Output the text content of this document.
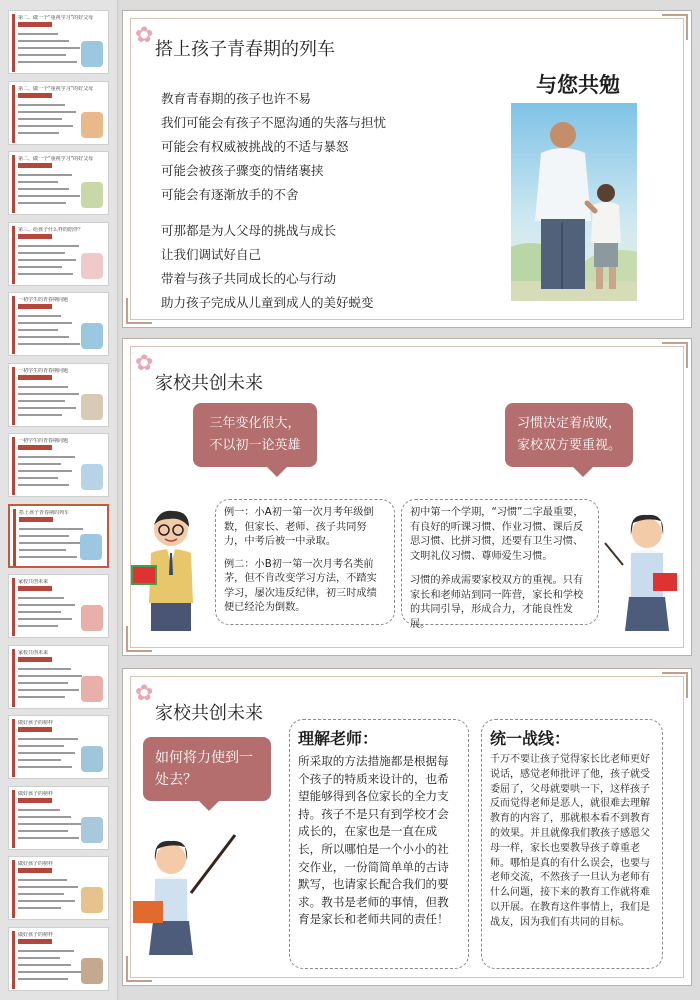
第二、做一个“重视学习”的好父母
第二、做一个“重视学习”的好父母
第二、做一个“重视学习”的好父母
第三、给孩子什么样的陪伴？
一初学生的青春期问题
一初学生的青春期问题
一初学生的青春期问题
搭上孩子青春期的列车
家校共创未来
家校共创未来
做好孩子的榜样
做好孩子的榜样
做好孩子的榜样
做好孩子的榜样
✿
搭上孩子青春期的列车
教育青春期的孩子也许不易
我们可能会有孩子不愿沟通的失落与担忧
可能会有权威被挑战的不适与暴怒
可能会被孩子骤变的情绪裹挟
可能会有逐渐放手的不舍
可那都是为人父母的挑战与成长
让我们调试好自己
带着与孩子共同成长的心与行动
助力孩子完成从儿童到成人的美好蜕变
与您共勉
✿
家校共创未来
三年变化很大，
不以初一论英雄
习惯决定着成败，
家校双方要重视。

例一：小A初一第一次月考年级倒数，但家长、老师、孩子共同努力，中考后被一中录取。

例二：小B初一第一次月考名类前茅，但不肯改变学习方法，不踏实学习，屡次违反纪律，初三时成绩便已经沦为倒数。

初中第一个学期，“习惯”二字最重要，有良好的听课习惯、作业习惯、课后反思习惯、比拼习惯，还要有卫生习惯、文明礼仪习惯、尊师爱生习惯。

习惯的养成需要家校双方的重视。只有家长和老师站到同一阵营，家长和学校的共同引导，形成合力，才能良性发展。

✿
家校共创未来
如何将力使到一处去？
理解老师：

所采取的方法措施都是根据每个孩子的特质来设计的，也希望能够得到各位家长的全力支持。孩子不是只有到学校才会成长的，在家也是一直在成长，所以哪怕是一个小小的社交作业，一份简简单单的古诗默写，也请家长配合我们的要求。教书是老师的事情，但教育是家长和老师共同的责任！

统一战线：

千万不要让孩子觉得家长比老师更好说话，感觉老师批评了他，孩子就受委屈了，父母就要哄一下，这样孩子反而觉得老师是恶人，就很难去理解教育的内容了，那就根本看不到教育的效果。并且就像我们教孩子感恩父母一样，家长也要教导孩子尊重老师。哪怕是真的有什么误会，也要与老师交流，不然孩子一旦认为老师有什么问题，接下来的教育工作就将难以开展。在教育这件事情上，我们是战友，因为我们有共同的目标。
